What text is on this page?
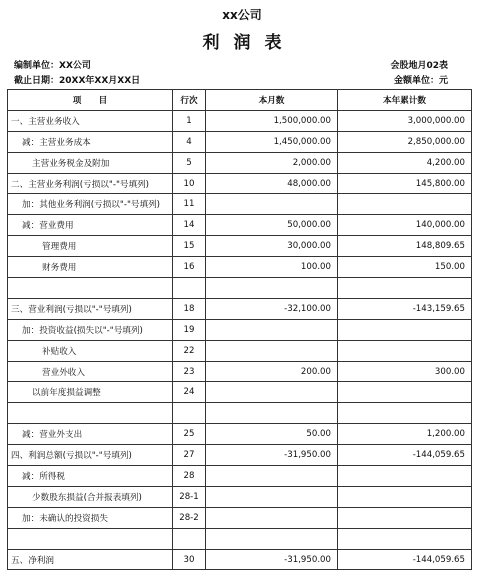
xx公司
利润表
编制单位：XX公司
截止日期：20XX年XX月XX日
会股地月02表
金额单位：元
项　　目	行次	本月数	本年累计数
一、主营业务收入	1	1,500,000.00	3,000,000.00
减：主营业务成本	4	1,450,000.00	2,850,000.00
主营业务税金及附加	5	2,000.00	4,200.00
二、主营业务利润(亏损以"-"号填列)	10	48,000.00	145,800.00
加：其他业务利润(亏损以"-"号填列)	11		
减：营业费用	14	50,000.00	140,000.00
管理费用	15	30,000.00	148,809.65
财务费用	16	100.00	150.00

三、营业利润(亏损以"-"号填列)	18	-32,100.00	-143,159.65
加：投资收益(损失以"-"号填列)	19		
补贴收入	22		
营业外收入	23	200.00	300.00
以前年度损益调整	24		

减：营业外支出	25	50.00	1,200.00
四、利润总额(亏损以"-"号填列)	27	-31,950.00	-144,059.65
减：所得税	28		
少数股东损益(合并报表填列)	28-1		
加：未确认的投资损失	28-2		

五、净利润	30	-31,950.00	-144,059.65
